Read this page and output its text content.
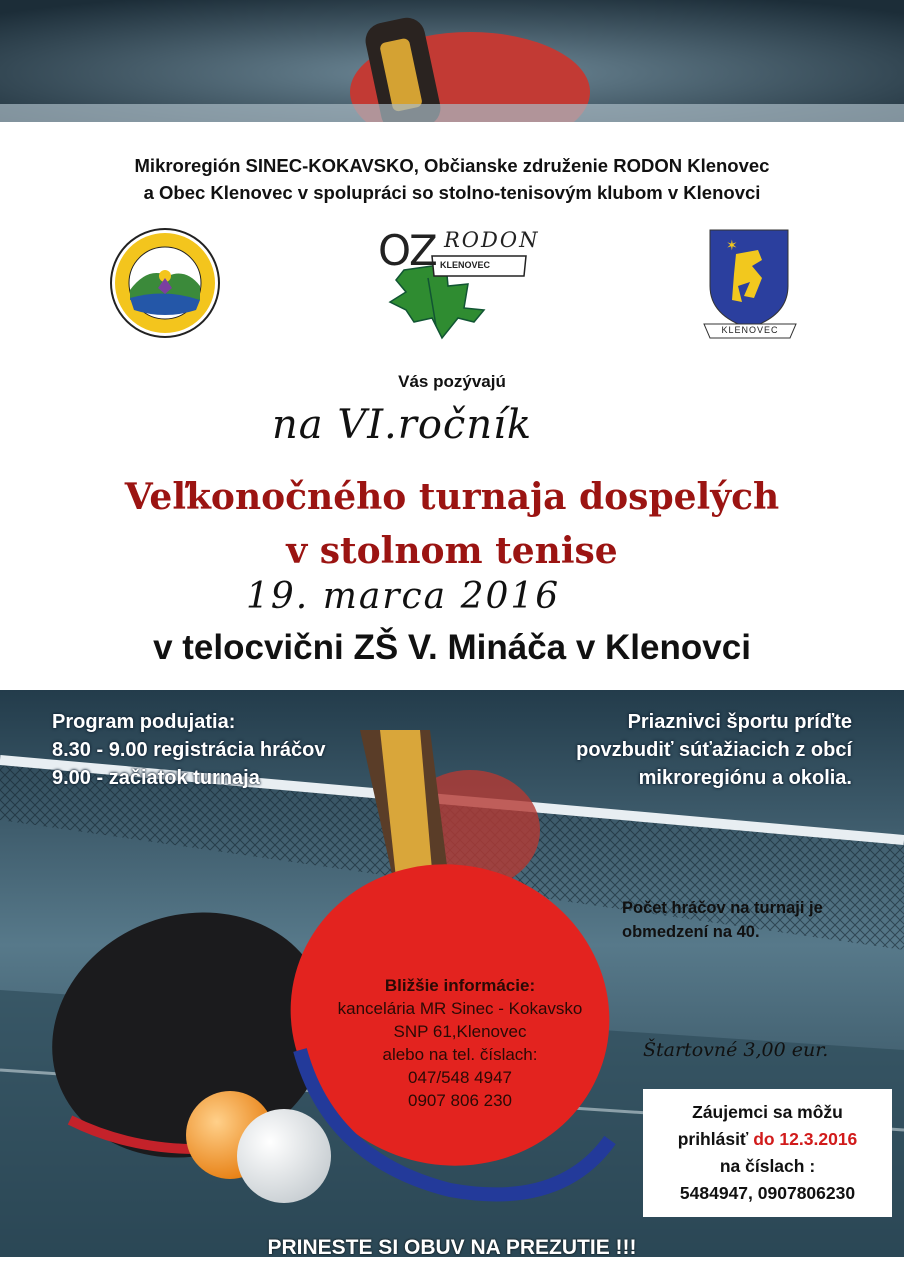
Mikroregión SINEC-KOKAVSKO, Občianske združenie RODON Klenovec
a Obec Klenovec v spolupráci so stolno-tenisovým klubom v Klenovci
OZ RODON
KLENOVEC
✶
KLENOVEC
Vás pozývajú
na VI.ročník
Veľkonočného turnaja dospelých
v stolnom tenise
19. marca 2016
v telocvični ZŠ V. Mináča v Klenovci
Program podujatia:
8.30 - 9.00 registrácia hráčov
9.00 - začiatok turnaja
Priaznivci športu príďte
povzbudiť súťažiacich z obcí
mikroregiónu a okolia.
Počet hráčov na turnaji je
obmedzení na 40.
Bližšie informácie:
kancelária MR Sinec - Kokavsko
SNP 61,Klenovec
alebo na tel. číslach:
047/548 4947
0907 806 230
Štartovné 3,00 eur.
Záujemci sa môžu
prihlásiť do 12.3.2016
na číslach :
5484947, 0907806230
PRINESTE SI OBUV NA PREZUTIE !!!
